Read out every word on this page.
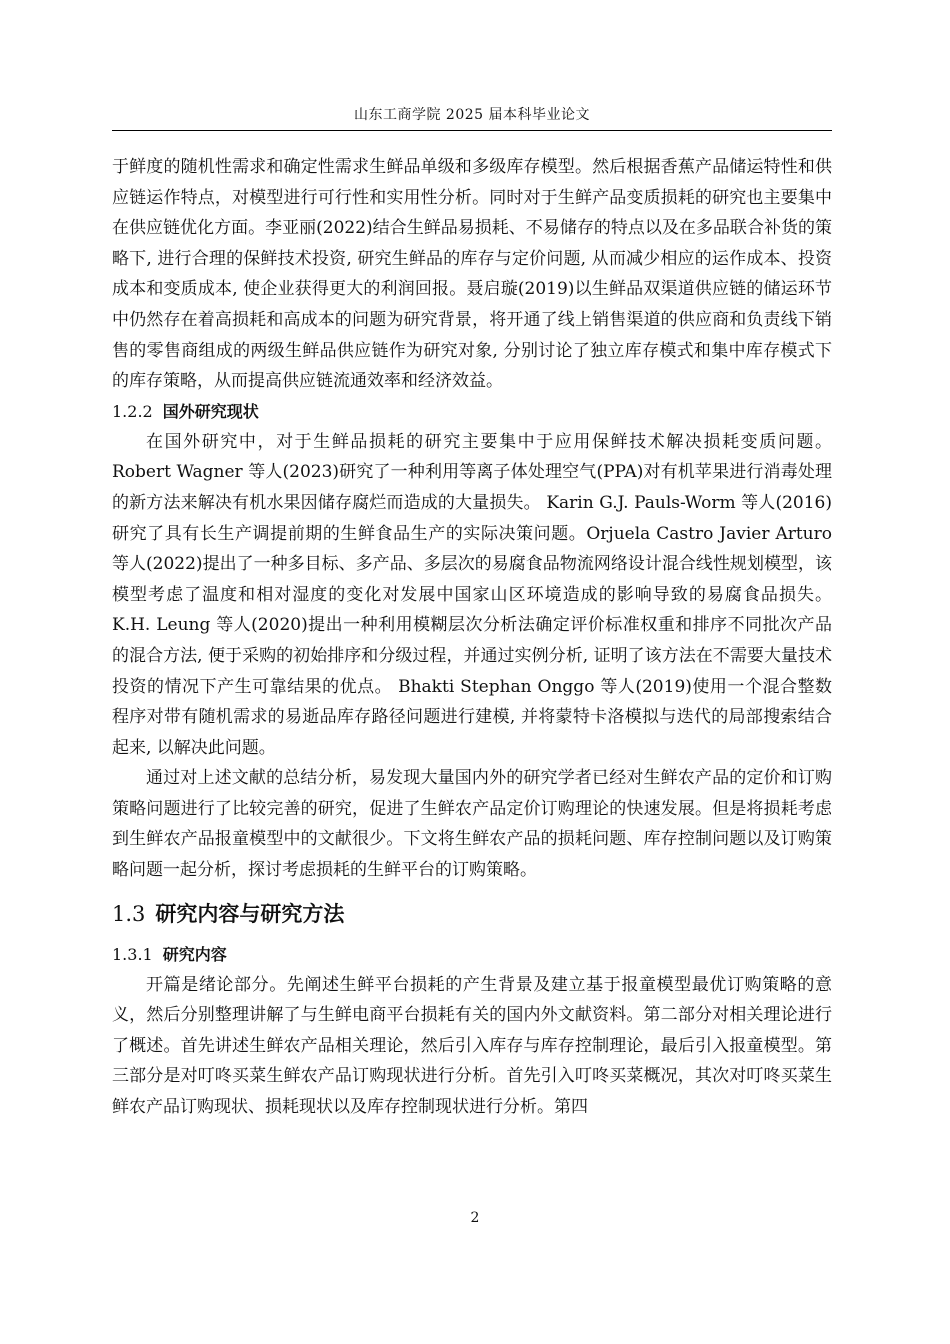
山东工商学院 2025 届本科毕业论文

于鲜度的随机性需求和确定性需求生鲜品单级和多级库存模型。然后根据香蕉产品储运特性和供应链运作特点，对模型进行可行性和实用性分析。同时对于生鲜产品变质损耗的研究也主要集中在供应链优化方面。李亚丽(2022)结合生鲜品易损耗、不易储存的特点以及在多品联合补货的策略下, 进行合理的保鲜技术投资, 研究生鲜品的库存与定价问题, 从而减少相应的运作成本、投资成本和变质成本, 使企业获得更大的利润回报。聂启璇(2019)以生鲜品双渠道供应链的储运环节中仍然存在着高损耗和高成本的问题为研究背景，将开通了线上销售渠道的供应商和负责线下销售的零售商组成的两级生鲜品供应链作为研究对象, 分别讨论了独立库存模式和集中库存模式下的库存策略，从而提高供应链流通效率和经济效益。

1.2.2 国外研究现状

在国外研究中，对于生鲜品损耗的研究主要集中于应用保鲜技术解决损耗变质问题。Robert Wagner 等人(2023)研究了一种利用等离子体处理空气(PPA)对有机苹果进行消毒处理的新方法来解决有机水果因储存腐烂而造成的大量损失。 Karin G.J. Pauls-Worm 等人(2016)研究了具有长生产调提前期的生鲜食品生产的实际决策问题。Orjuela Castro Javier Arturo 等人(2022)提出了一种多目标、多产品、多层次的易腐食品物流网络设计混合线性规划模型，该模型考虑了温度和相对湿度的变化对发展中国家山区环境造成的影响导致的易腐食品损失。 K.H. Leung 等人(2020)提出一种利用模糊层次分析法确定评价标准权重和排序不同批次产品的混合方法, 便于采购的初始排序和分级过程，并通过实例分析, 证明了该方法在不需要大量技术投资的情况下产生可靠结果的优点。 Bhakti Stephan Onggo 等人(2019)使用一个混合整数程序对带有随机需求的易逝品库存路径问题进行建模, 并将蒙特卡洛模拟与迭代的局部搜索结合起来, 以解决此问题。

通过对上述文献的总结分析，易发现大量国内外的研究学者已经对生鲜农产品的定价和订购策略问题进行了比较完善的研究，促进了生鲜农产品定价订购理论的快速发展。但是将损耗考虑到生鲜农产品报童模型中的文献很少。下文将生鲜农产品的损耗问题、库存控制问题以及订购策略问题一起分析，探讨考虑损耗的生鲜平台的订购策略。

1.3 研究内容与研究方法
1.3.1 研究内容

开篇是绪论部分。先阐述生鲜平台损耗的产生背景及建立基于报童模型最优订购策略的意义，然后分别整理讲解了与生鲜电商平台损耗有关的国内外文献资料。第二部分对相关理论进行了概述。首先讲述生鲜农产品相关理论，然后引入库存与库存控制理论，最后引入报童模型。第三部分是对叮咚买菜生鲜农产品订购现状进行分析。首先引入叮咚买菜概况，其次对叮咚买菜生鲜农产品订购现状、损耗现状以及库存控制现状进行分析。第四

2
